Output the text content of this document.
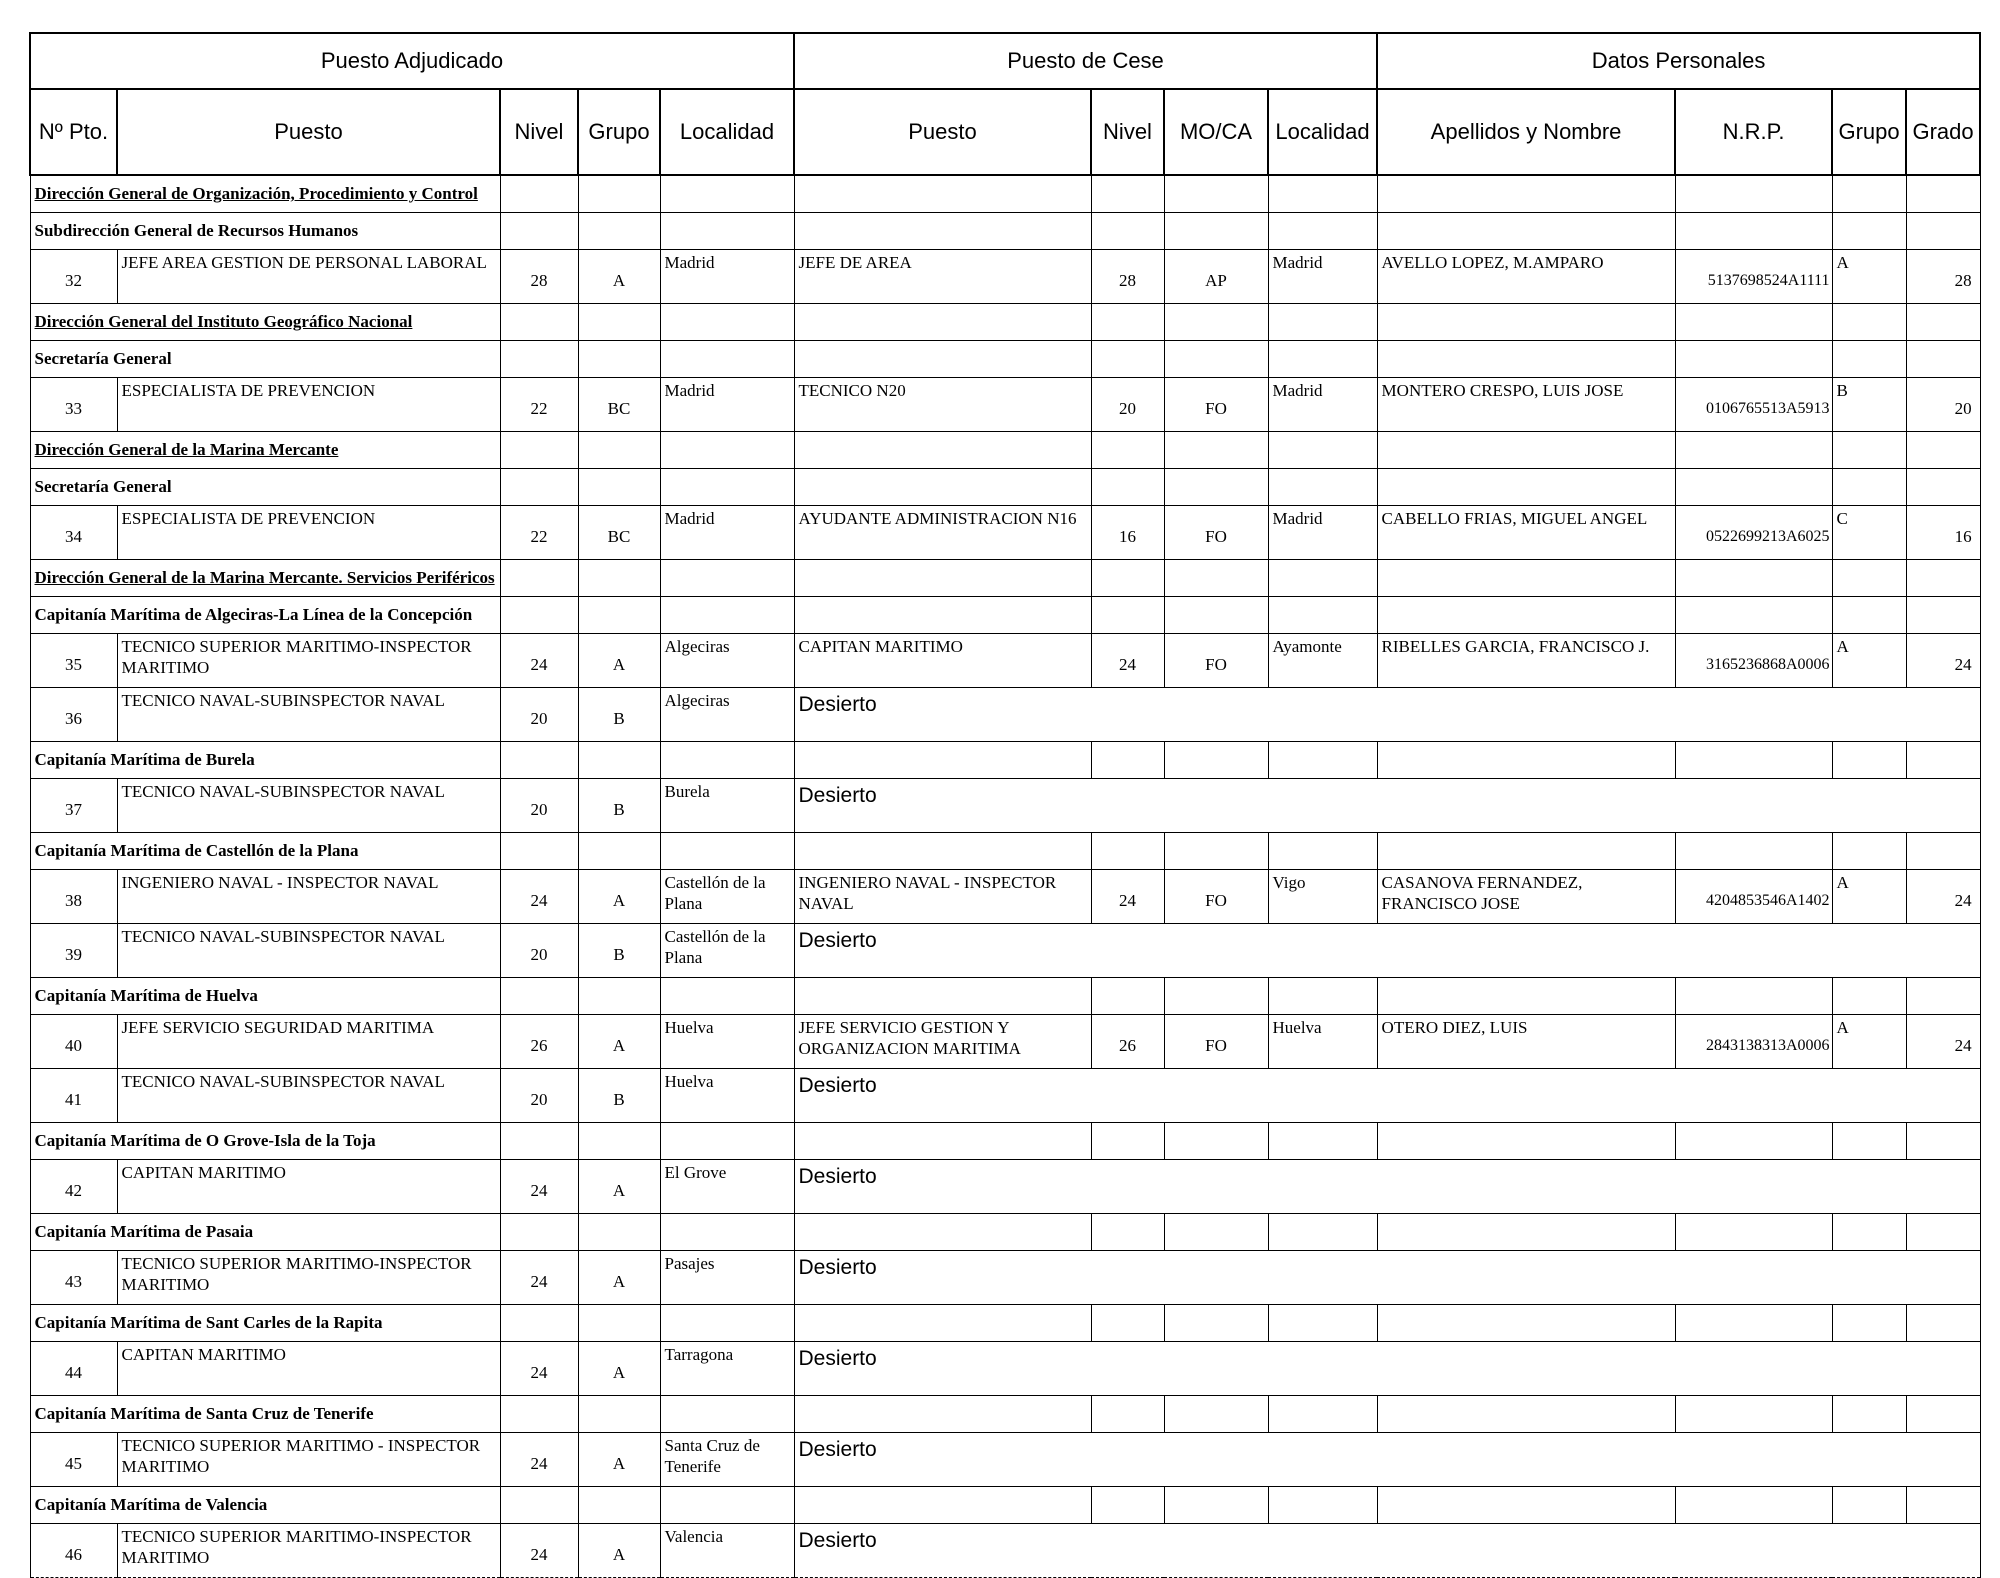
Puesto Adjudicado					Puesto de Cese				Datos Personales			
Nº Pto.	Puesto	Nivel	Grupo	Localidad	Puesto	Nivel	MO/CA	Localidad	Apellidos y Nombre	N.R.P.	Grupo	Grado
Dirección General de Organización, Procedimiento y Control												
Subdirección General de Recursos Humanos												
32	JEFE AREA GESTION DE PERSONAL LABORAL	28	A	Madrid	JEFE DE AREA	28	AP	Madrid	AVELLO LOPEZ, M.AMPARO	5137698524A1111	A	28
Dirección General del Instituto Geográfico Nacional												
Secretaría General												
33	ESPECIALISTA DE PREVENCION	22	BC	Madrid	TECNICO N20	20	FO	Madrid	MONTERO CRESPO, LUIS JOSE	0106765513A5913	B	20
Dirección General de la Marina Mercante												
Secretaría General												
34	ESPECIALISTA DE PREVENCION	22	BC	Madrid	AYUDANTE ADMINISTRACION N16	16	FO	Madrid	CABELLO FRIAS, MIGUEL ANGEL	0522699213A6025	C	16
Dirección General de la Marina Mercante. Servicios Periféricos												
Capitanía Marítima de Algeciras-La Línea de la Concepción												
35	TECNICO SUPERIOR MARITIMO-INSPECTOR MARITIMO	24	A	Algeciras	CAPITAN MARITIMO	24	FO	Ayamonte	RIBELLES GARCIA, FRANCISCO J.	3165236868A0006	A	24
36	TECNICO NAVAL-SUBINSPECTOR NAVAL	20	B	Algeciras	Desierto							
Capitanía Marítima de Burela												
37	TECNICO NAVAL-SUBINSPECTOR NAVAL	20	B	Burela	Desierto							
Capitanía Marítima de Castellón de la Plana												
38	INGENIERO NAVAL - INSPECTOR NAVAL	24	A	Castellón de la Plana	INGENIERO NAVAL - INSPECTOR NAVAL	24	FO	Vigo	CASANOVA FERNANDEZ, FRANCISCO JOSE	4204853546A1402	A	24
39	TECNICO NAVAL-SUBINSPECTOR NAVAL	20	B	Castellón de la Plana	Desierto							
Capitanía Marítima de Huelva												
40	JEFE SERVICIO SEGURIDAD MARITIMA	26	A	Huelva	JEFE SERVICIO GESTION Y ORGANIZACION MARITIMA	26	FO	Huelva	OTERO DIEZ, LUIS	2843138313A0006	A	24
41	TECNICO NAVAL-SUBINSPECTOR NAVAL	20	B	Huelva	Desierto							
Capitanía Marítima de O Grove-Isla de la Toja												
42	CAPITAN MARITIMO	24	A	El Grove	Desierto							
Capitanía Marítima de Pasaia												
43	TECNICO SUPERIOR MARITIMO-INSPECTOR MARITIMO	24	A	Pasajes	Desierto							
Capitanía Marítima de Sant Carles de la Rapita												
44	CAPITAN MARITIMO	24	A	Tarragona	Desierto							
Capitanía Marítima de Santa Cruz de Tenerife												
45	TECNICO SUPERIOR MARITIMO - INSPECTOR MARITIMO	24	A	Santa Cruz de Tenerife	Desierto							
Capitanía Marítima de Valencia												
46	TECNICO SUPERIOR MARITIMO-INSPECTOR MARITIMO	24	A	Valencia	Desierto							
